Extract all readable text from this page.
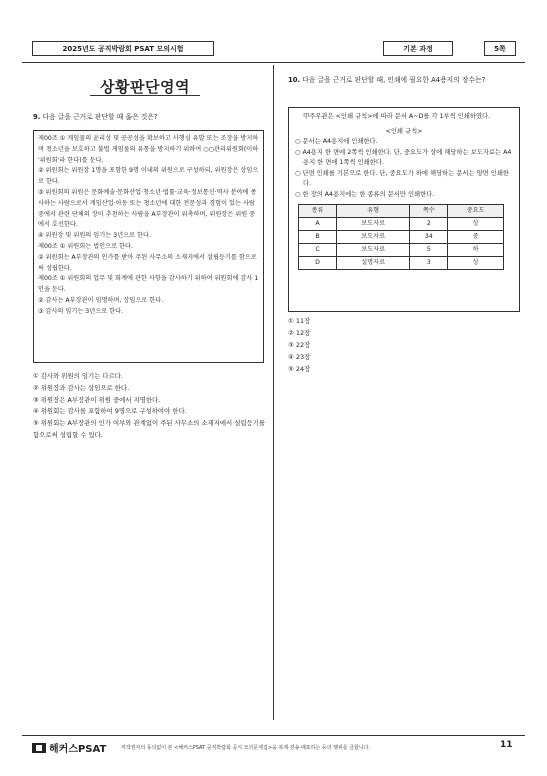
2025년도 공직박람회 PSAT 모의시험	기본 과정	5쪽
상황판단영역
9. 다음 글을 근거로 판단할 때 옳은 것은?

제00조 ① 게임물의 윤리성 및 공공성을 확보하고 사행심 유발 또는 조장을 방지하며 청소년을 보호하고 불법 게임물의 유통을 방지하기 위하여 ○○관리위원회(이하 '위원회'라 한다)를 둔다.

② 위원회는 위원장 1명을 포함한 9명 이내의 위원으로 구성하되, 위원장은 상임으로 한다.

③ 위원회의 위원은 문화예술·문화산업·청소년·법률·교육·정보통신·역사 분야에 종사하는 사람으로서 게임산업·아동 또는 청소년에 대한 전문성과 경험이 있는 사람 중에서 관련 단체의 장이 추천하는 사람을 A부장관이 위촉하며, 위원장은 위원 중에서 호선한다.

④ 위원장 및 위원의 임기는 3년으로 한다.

제00조 ① 위원회는 법인으로 한다.

② 위원회는 A부장관의 인가를 받아 주된 사무소의 소재지에서 설립등기를 함으로써 성립한다.

제00조 ① 위원회의 업무 및 회계에 관한 사항을 감사하기 위하여 위원회에 감사 1인을 둔다.

② 감사는 A부장관이 임명하며, 상임으로 한다.

③ 감사의 임기는 3년으로 한다.

① 감사와 위원의 임기는 다르다.

② 위원장과 감사는 상임으로 한다.

③ 위원장은 A부장관이 위원 중에서 지명한다.

④ 위원회는 감사를 포함하여 9명으로 구성하여야 한다.

⑤ 위원회는 A부장관의 인가 여부와 관계없이 주된 사무소의 소재지에서 설립등기를 함으로써 성립할 수 있다.

10. 다음 글을 근거로 판단할 때, 인쇄에 필요한 A4용지의 장수는?

甲주무관은 <인쇄 규칙>에 따라 문서 A~D를 각 1부씩 인쇄하였다.

<인쇄 규칙>

○ 문서는 A4용지에 인쇄한다.

○ A4용지 한 면에 2쪽씩 인쇄한다. 단, 중요도가 상에 해당하는 보도자료는 A4용지 한 면에 1쪽씩 인쇄한다.

○ 단면 인쇄를 기본으로 한다. 단, 중요도가 하에 해당하는 문서는 양면 인쇄한다.

○ 한 장의 A4용지에는 한 종류의 문서만 인쇄한다.

종류	유형	쪽수	중요도
A	보도자료	2	상
B	보도자료	34	중
C	보도자료	5	하
D	설명자료	3	상

① 11장

② 12장

③ 22장

④ 23장

⑤ 24장

해커스PSAT	저작권자의 동의없이 본 <해커스PSAT 공직박람회 공식 모의문제집>을 복제·전송·배포하는 등의 행위를 금합니다.	11
